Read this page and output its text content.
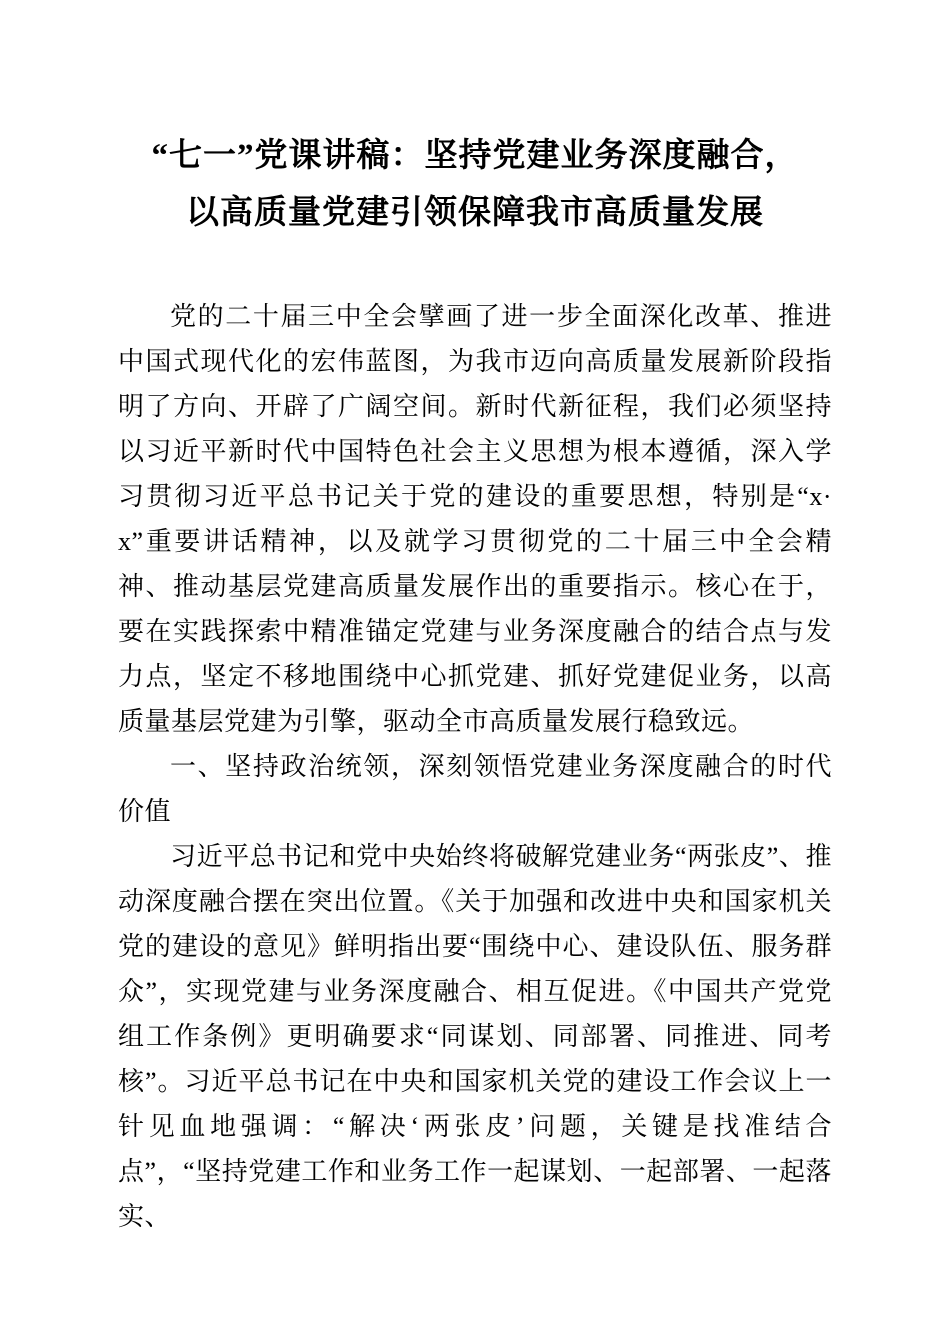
“七一”党课讲稿：坚持党建业务深度融合，
以高质量党建引领保障我市高质量发展

党的二十届三中全会擘画了进一步全面深化改革、推进中国式现代化的宏伟蓝图，为我市迈向高质量发展新阶段指明了方向、开辟了广阔空间。新时代新征程，我们必须坚持以习近平新时代中国特色社会主义思想为根本遵循，深入学习贯彻习近平总书记关于党的建设的重要思想，特别是“x·x”重要讲话精神，以及就学习贯彻党的二十届三中全会精神、推动基层党建高质量发展作出的重要指示。核心在于，要在实践探索中精准锚定党建与业务深度融合的结合点与发力点，坚定不移地围绕中心抓党建、抓好党建促业务，以高质量基层党建为引擎，驱动全市高质量发展行稳致远。

一、坚持政治统领，深刻领悟党建业务深度融合的时代价值

习近平总书记和党中央始终将破解党建业务“两张皮”、推动深度融合摆在突出位置。《关于加强和改进中央和国家机关党的建设的意见》鲜明指出要“围绕中心、建设队伍、服务群众”，实现党建与业务深度融合、相互促进。《中国共产党党组工作条例》更明确要求“同谋划、同部署、同推进、同考核”。习近平总书记在中央和国家机关党的建设工作会议上一针见血地强调：“解决‘两张皮’问题，关键是找准结合点”，“坚持党建工作和业务工作一起谋划、一起部署、一起落实、
